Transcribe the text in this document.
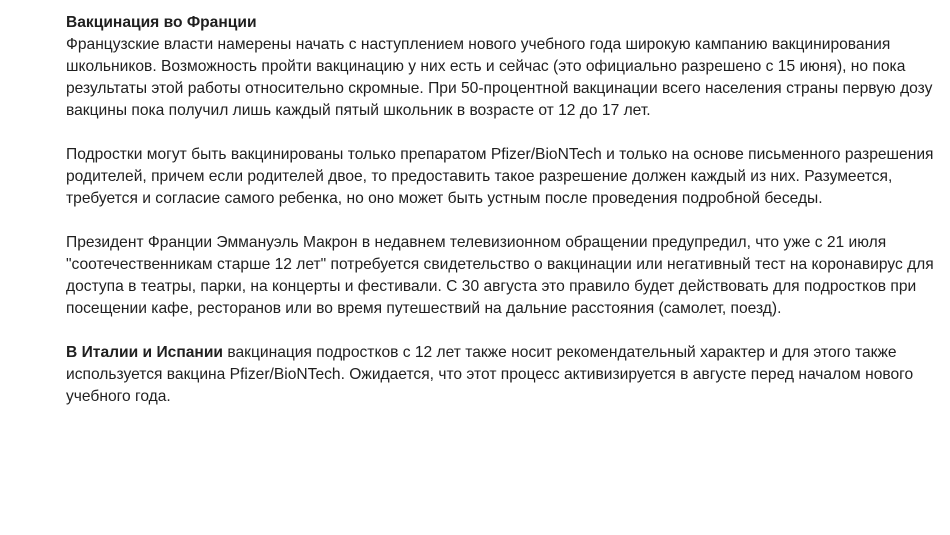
Вакцинация во Франции

Французские власти намерены начать с наступлением нового учебного года широкую кампанию вакцинирования школьников. Возможность пройти вакцинацию у них есть и сейчас (это официально разрешено с 15 июня), но пока результаты этой работы относительно скромные. При 50-процентной вакцинации всего населения страны первую дозу вакцины пока получил лишь каждый пятый школьник в возрасте от 12 до 17 лет.

Подростки могут быть вакцинированы только препаратом Pfizer/BioNTech и только на основе письменного разрешения родителей, причем если родителей двое, то предоставить такое разрешение должен каждый из них. Разумеется, требуется и согласие самого ребенка, но оно может быть устным после проведения подробной беседы.

Президент Франции Эммануэль Макрон в недавнем телевизионном обращении предупредил, что уже с 21 июля "соотечественникам старше 12 лет" потребуется свидетельство о вакцинации или негативный тест на коронавирус для доступа в театры, парки, на концерты и фестивали. С 30 августа это правило будет действовать для подростков при посещении кафе, ресторанов или во время путешествий на дальние расстояния (самолет, поезд).

В Италии и Испании вакцинация подростков с 12 лет также носит рекомендательный характер и для этого также используется вакцина Pfizer/BioNTech. Ожидается, что этот процесс активизируется в августе перед началом нового учебного года.
